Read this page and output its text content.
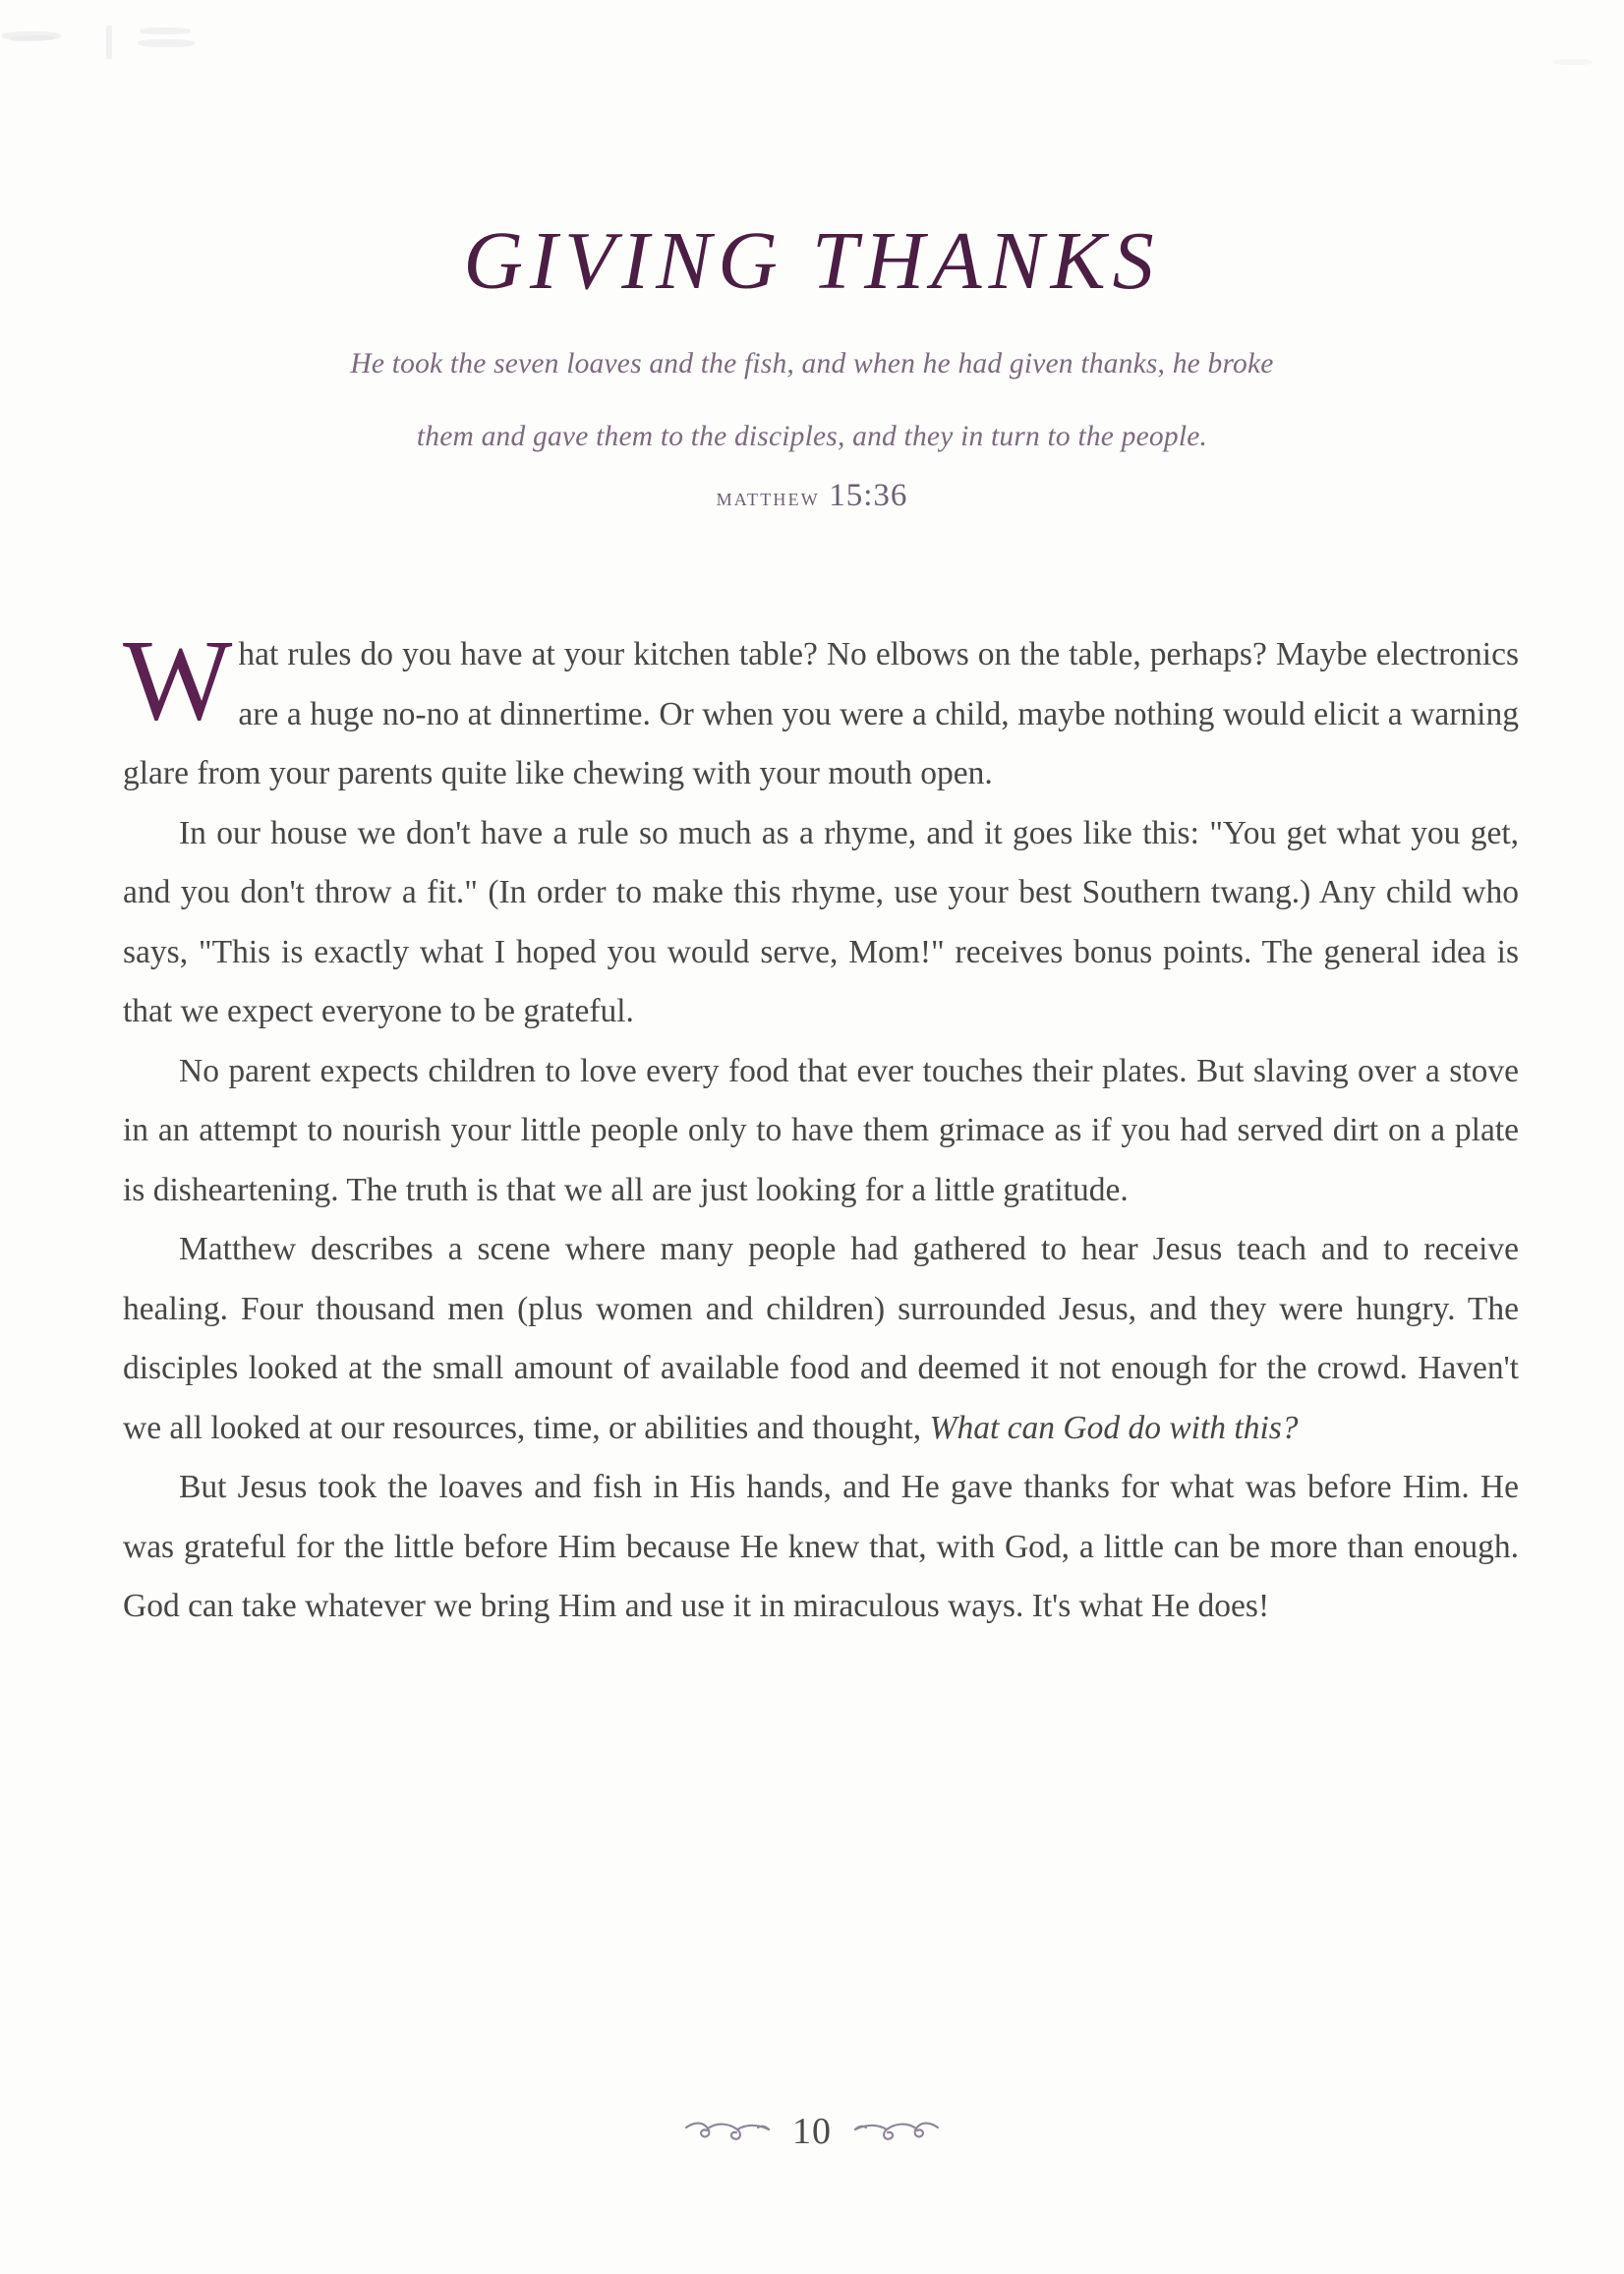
GIVING THANKS
He took the seven loaves and the fish, and when he had given thanks, he broke
them and gave them to the disciples, and they in turn to the people.
matthew 15:36

What rules do you have at your kitchen table? No elbows on the table, perhaps? Maybe electronics are a huge no-no at dinnertime. Or when you were a child, maybe nothing would elicit a warning glare from your parents quite like chewing with your mouth open.

In our house we don't have a rule so much as a rhyme, and it goes like this: "You get what you get, and you don't throw a fit." (In order to make this rhyme, use your best Southern twang.) Any child who says, "This is exactly what I hoped you would serve, Mom!" receives bonus points. The general idea is that we expect everyone to be grateful.

No parent expects children to love every food that ever touches their plates. But slaving over a stove in an attempt to nourish your little people only to have them grimace as if you had served dirt on a plate is disheartening. The truth is that we all are just looking for a little gratitude.

Matthew describes a scene where many people had gathered to hear Jesus teach and to receive healing. Four thousand men (plus women and children) surrounded Jesus, and they were hungry. The disciples looked at the small amount of available food and deemed it not enough for the crowd. Haven't we all looked at our resources, time, or abilities and thought, What can God do with this?

But Jesus took the loaves and fish in His hands, and He gave thanks for what was before Him. He was grateful for the little before Him because He knew that, with God, a little can be more than enough. God can take whatever we bring Him and use it in miraculous ways. It's what He does!

10
